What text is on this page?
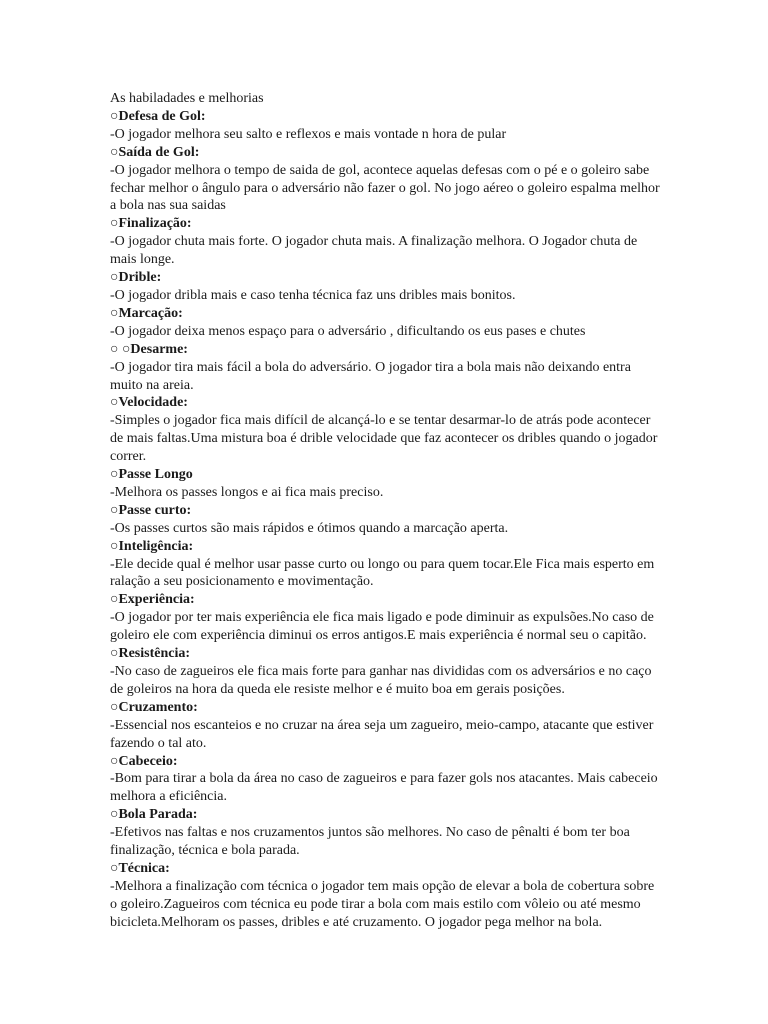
As habiladades e melhorias

○Defesa de Gol:

-O jogador melhora seu salto e reflexos e mais vontade n hora de pular

○Saída de Gol:

-O jogador melhora o tempo de saida de gol, acontece aquelas defesas com o pé e o goleiro sabe fechar melhor o ângulo para o adversário não fazer o gol. No jogo aéreo o goleiro espalma melhor a bola nas sua saidas

○Finalização:

-O jogador chuta mais forte. O jogador chuta mais. A finalização melhora. O Jogador chuta de mais longe.

○Drible:

-O jogador dribla mais e caso tenha técnica faz uns dribles mais bonitos.

○Marcação:

-O jogador deixa menos espaço para o adversário , dificultando os eus pases e chutes

○ ○Desarme:

-O jogador tira mais fácil a bola do adversário. O jogador tira a bola mais não deixando entra muito na areia.

○Velocidade:

-Simples o jogador fica mais difícil de alcançá-lo e se tentar desarmar-lo de atrás pode acontecer de mais faltas.Uma mistura boa é drible velocidade que faz acontecer os dribles quando o jogador correr.

○Passe Longo

-Melhora os passes longos e ai fica mais preciso.

○Passe curto:

-Os passes curtos são mais rápidos e ótimos quando a marcação aperta.

○Inteligência:

-Ele decide qual é melhor usar passe curto ou longo ou para quem tocar.Ele Fica mais esperto em ralação a seu posicionamento e movimentação.

○Experiência:

-O jogador por ter mais experiência ele fica mais ligado e pode diminuir as expulsões.No caso de goleiro ele com experiência diminui os erros antigos.E mais experiência é normal seu o capitão.

○Resistência:

-No caso de zagueiros ele fica mais forte para ganhar nas divididas com os adversários e no caço de goleiros na hora da queda ele resiste melhor e é muito boa em gerais posições.

○Cruzamento:

-Essencial nos escanteios e no cruzar na área seja um zagueiro, meio-campo, atacante que estiver fazendo o tal ato.

○Cabeceio:

-Bom para tirar a bola da área no caso de zagueiros e para fazer gols nos atacantes. Mais cabeceio melhora a eficiência.

○Bola Parada:

-Efetivos nas faltas e nos cruzamentos juntos são melhores. No caso de pênalti é bom ter boa finalização, técnica e bola parada.

○Técnica:

-Melhora a finalização com técnica o jogador tem mais opção de elevar a bola de cobertura sobre o goleiro.Zagueiros com técnica eu pode tirar a bola com mais estilo com vôleio ou até mesmo bicicleta.Melhoram os passes, dribles e até cruzamento. O jogador pega melhor na bola.
